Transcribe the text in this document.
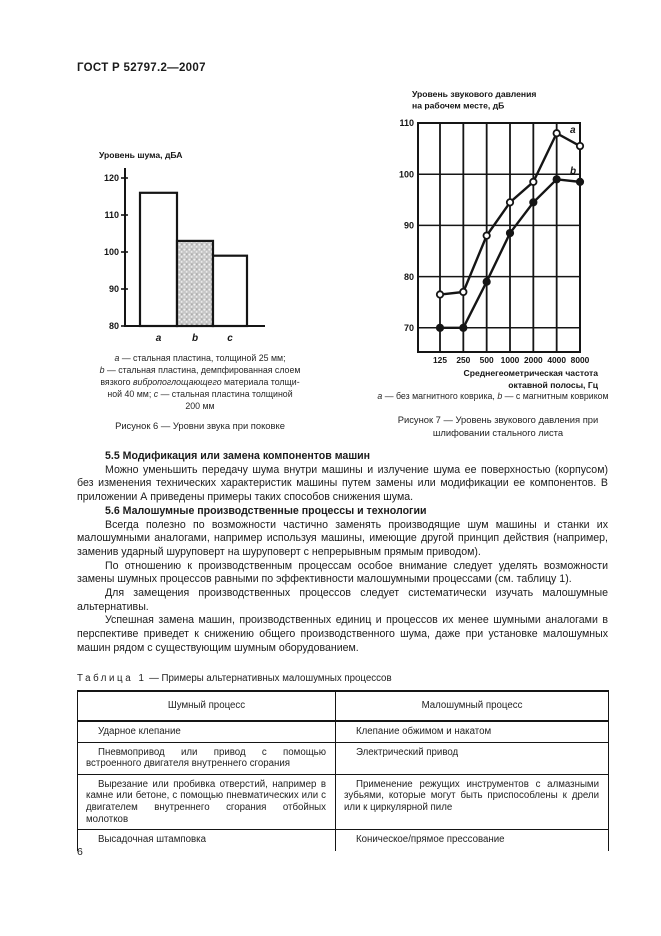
ГОСТ Р 52797.2—2007
Уровень шума, дБА
80
90
100
110
120
a	b	c
a — стальная пластина, толщиной 25 мм;
b — стальная пластина, демпфированная слоем
вязкого вибропоглощающего материала толщи-
ной 40 мм; c — стальная пластина толщиной
200 мм
Рисунок 6 — Уровни звука при поковке
Уровень звукового давления
на рабочем месте, дБ
70
80
90
100
110
125 250 500 1000 2000 4000 8000
Среднегеометрическая частота
октавной полосы, Гц
a
b
a — без магнитного коврика, b — с магнитным ковриком
Рисунок 7 — Уровень звукового давления при
шлифовании стального листа
5.5 Модификация или замена компонентов машин

Можно уменьшить передачу шума внутри машины и излучение шума ее поверхностью (корпусом) без изменения технических характеристик машины путем замены или модификации ее компонентов. В приложении А приведены примеры таких способов снижения шума.

5.6 Малошумные производственные процессы и технологии

Всегда полезно по возможности частично заменять производящие шум машины и станки их малошумными аналогами, например используя машины, имеющие другой принцип действия (например, заменив ударный шуруповерт на шуруповерт с непрерывным прямым приводом).

По отношению к производственным процессам особое внимание следует уделять возможности замены шумных процессов равными по эффективности малошумными процессами (см. таблицу 1).

Для замещения производственных процессов следует систематически изучать малошумные альтернативы.

Успешная замена машин, производственных единиц и процессов их менее шумными аналогами в перспективе приведет к снижению общего производственного шума, даже при установке малошумных машин рядом с существующим шумным оборудованием.

Таблица 1 — Примеры альтернативных малошумных процессов
Шумный процесс	Малошумный процесс
Ударное клепание	Клепание обжимом и накатом
Пневмопривод или привод с помощью встроенного двигателя внутреннего сгорания	Электрический привод
Вырезание или пробивка отверстий, например в камне или бетоне, с помощью пневматических или с двигателем внутреннего сгорания отбойных молотков	Применение режущих инструментов с алмазными зубьями, которые могут быть приспособлены к дрели или к циркулярной пиле
Высадочная штамповка	Коническое/прямое прессование
6
